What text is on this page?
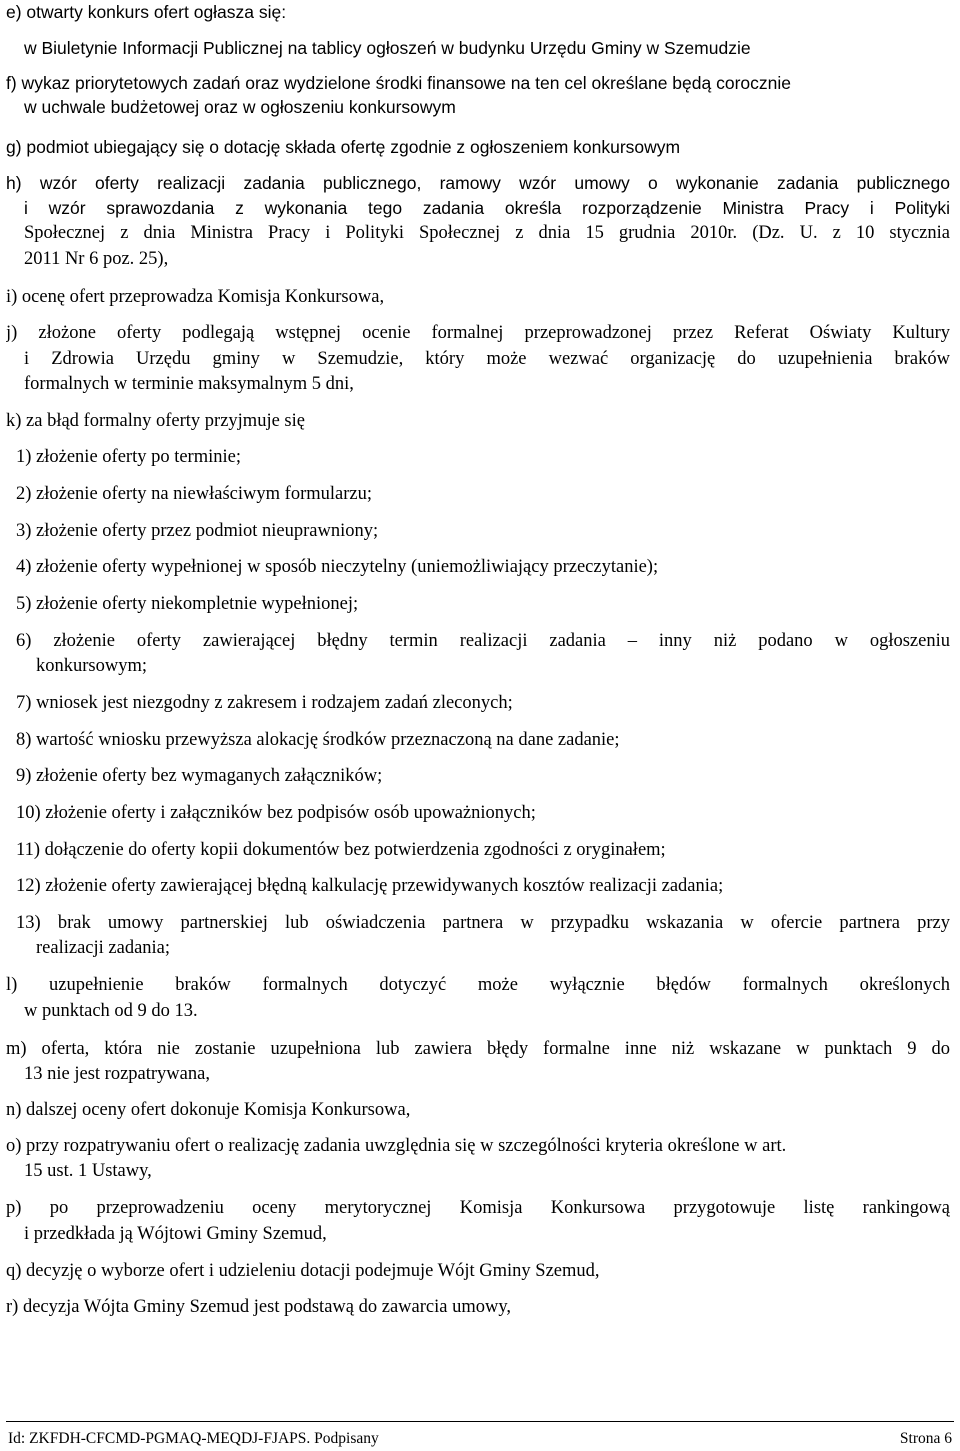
e) otwarty konkurs ofert ogłasza się:
w Biuletynie Informacji Publicznej na tablicy ogłoszeń w budynku Urzędu Gminy w Szemudzie
f) wykaz priorytetowych zadań oraz wydzielone środki finansowe na ten cel określane będą corocznie
w uchwale budżetowej oraz w ogłoszeniu konkursowym
g) podmiot ubiegający się o dotację składa ofertę zgodnie z ogłoszeniem konkursowym
h) wzór oferty realizacji zadania publicznego, ramowy wzór umowy o wykonanie zadania publicznego
i wzór sprawozdania z wykonania tego zadania określa rozporządzenie Ministra Pracy i Polityki
Społecznej z dnia Ministra Pracy i Polityki Społecznej z dnia 15 grudnia 2010r. (Dz. U. z 10 stycznia
2011 Nr 6 poz. 25),
i) ocenę ofert przeprowadza Komisja Konkursowa,
j) złożone oferty podlegają wstępnej ocenie formalnej przeprowadzonej przez Referat Oświaty Kultury
i Zdrowia Urzędu gminy w Szemudzie, który może wezwać organizację do uzupełnienia braków
formalnych w terminie maksymalnym 5 dni,
k) za błąd formalny oferty przyjmuje się
1) złożenie oferty po terminie;
2) złożenie oferty na niewłaściwym formularzu;
3) złożenie oferty przez podmiot nieuprawniony;
4) złożenie oferty wypełnionej w sposób nieczytelny (uniemożliwiający przeczytanie);
5) złożenie oferty niekompletnie wypełnionej;
6) złożenie oferty zawierającej błędny termin realizacji zadania – inny niż podano w ogłoszeniu
konkursowym;
7) wniosek jest niezgodny z zakresem i rodzajem zadań zleconych;
8) wartość wniosku przewyższa alokację środków przeznaczoną na dane zadanie;
9) złożenie oferty bez wymaganych załączników;
10) złożenie oferty i załączników bez podpisów osób upoważnionych;
11) dołączenie do oferty kopii dokumentów bez potwierdzenia zgodności z oryginałem;
12) złożenie oferty zawierającej błędną kalkulację przewidywanych kosztów realizacji zadania;
13) brak umowy partnerskiej lub oświadczenia partnera w przypadku wskazania w ofercie partnera przy
realizacji zadania;
l) uzupełnienie braków formalnych dotyczyć może wyłącznie błędów formalnych określonych
w punktach od 9 do 13.
m) oferta, która nie zostanie uzupełniona lub zawiera błędy formalne inne niż wskazane w punktach 9 do
13 nie jest rozpatrywana,
n) dalszej oceny ofert dokonuje Komisja Konkursowa,
o) przy rozpatrywaniu ofert o realizację zadania uwzględnia się w szczególności kryteria określone w art.
15 ust. 1 Ustawy,
p) po przeprowadzeniu oceny merytorycznej Komisja Konkursowa przygotowuje listę rankingową
i przedkłada ją Wójtowi Gminy Szemud,
q) decyzję o wyborze ofert i udzieleniu dotacji podejmuje Wójt Gminy Szemud,
r) decyzja Wójta Gminy Szemud jest podstawą do zawarcia umowy,
Id: ZKFDH-CFCMD-PGMAQ-MEQDJ-FJAPS. Podpisany	Strona 6
